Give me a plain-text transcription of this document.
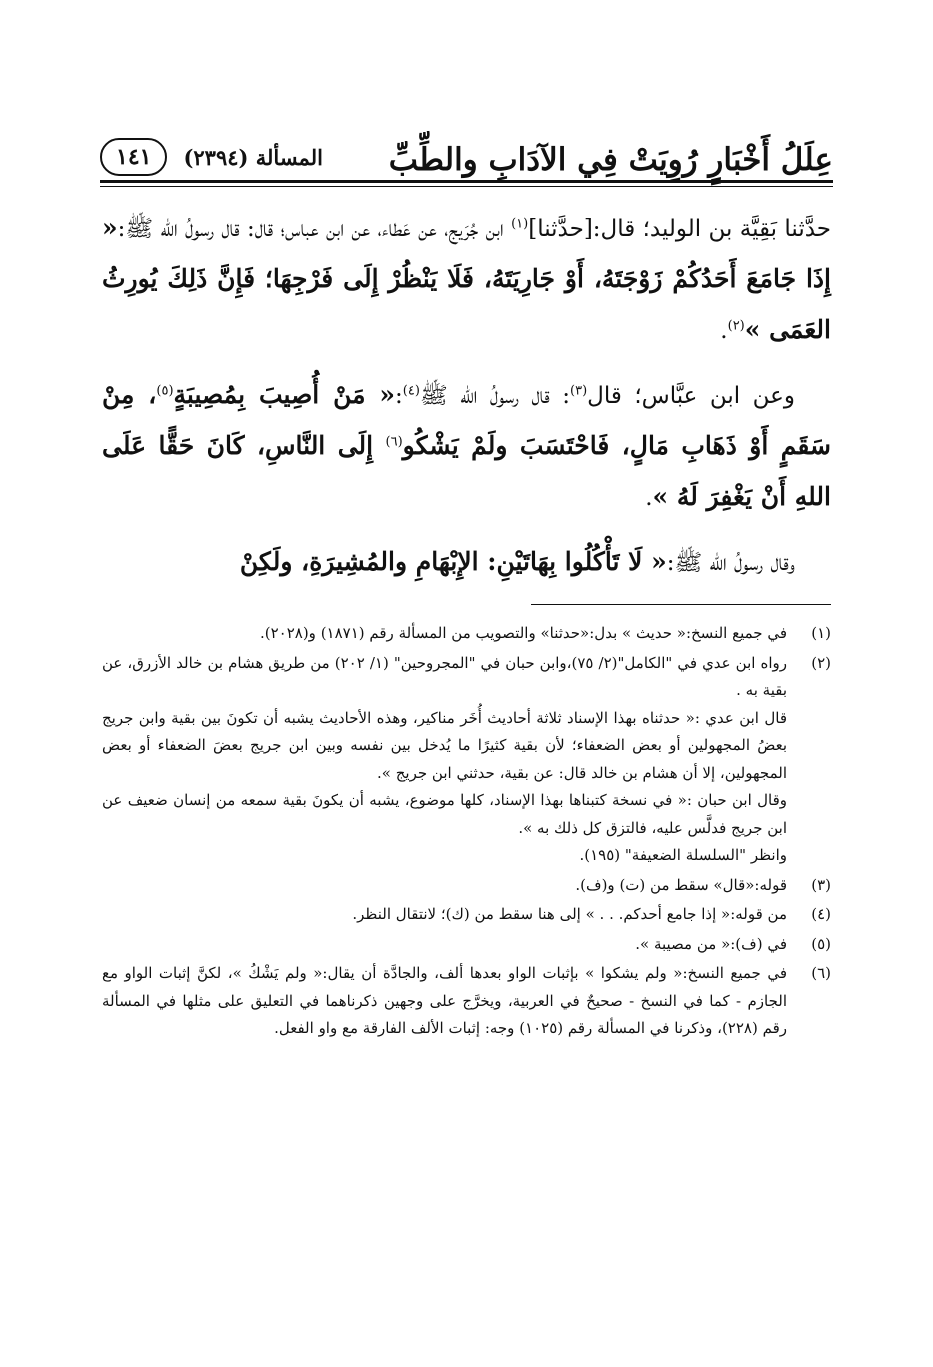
عِلَلُ أَخْبَارٍ رُوِيَتْ فِي الآدَابِ والطِّبِّ
المسألة (٢٣٩٤)
١٤١

حدَّثنا بَقِيَّة بن الوليد؛ قال:[حدَّثنا]$^{(١)}$ ابن جُرَيج، عن عَطاء، عن ابن عباس؛ قال: قال رسولُ الله ﷺ:« إِذَا جَامَعَ أَحَدُكُمْ زَوْجَتَهُ، أَوْ جَارِيَتَهُ، فَلَا يَنْظُرْ إِلَى فَرْجِهَا؛ فَإِنَّ ذَلِكَ يُورِثُ العَمَى »$^{(٢)}$.

وعن ابن عبَّاس؛ قال$^{(٣)}$: قال رسولُ الله ﷺ$^{(٤)}$:« مَنْ أُصِيبَ بِمُصِيبَةٍ$^{(٥)}$، مِنْ سَقَمٍ أَوْ ذَهَابِ مَالٍ، فَاحْتَسَبَ ولَمْ يَشْكُو$^{(٦)}$ إِلَى النَّاسِ، كَانَ حَقًّا عَلَى اللهِ أَنْ يَغْفِرَ لَهُ ».

وقال رسولُ الله ﷺ:« لَا تَأْكُلُوا بِهَاتَيْنِ: الإِبْهَامِ والمُشِيرَةِ، ولَكِنْ

(١)

في جميع النسخ:« حديث » بدل:«حدثنا» والتصويب من المسألة رقم (١٨٧١) و(٢٠٢٨).

(٢)

رواه ابن عدي في "الكامل"(٢/ ٧٥)،وابن حبان في "المجروحين" (١/ ٢٠٢) من طريق هشام بن خالد الأزرق، عن بقية به .

قال ابن عدي :« حدثناه بهذا الإسناد ثلاثة أحاديث أُخَر مناكير، وهذه الأحاديث يشبه أن تكونَ بين بقية وابن جريج بعضُ المجهولين أو بعض الضعفاء؛ لأن بقية كثيرًا ما يُدخل بين نفسه وبين ابن جريج بعضَ الضعفاء أو بعض المجهولين، إلا أن هشام بن خالد قال: عن بقية، حدثني ابن جريج ».

وقال ابن حبان :« في نسخة كتبناها بهذا الإسناد، كلها موضوع، يشبه أن يكونَ بقية سمعه من إنسان ضعيف عن ابن جريج فدلَّس عليه، فالتزق كل ذلك به ».

وانظر "السلسلة الضعيفة" (١٩٥).

(٣)

قوله:«قال» سقط من (ت) و(ف).

(٤)

من قوله:« إذا جامع أحدكم. . . » إلى هنا سقط من (ك)؛ لانتقال النظر.

(٥)

في (ف):« من مصيبة ».

(٦)

في جميع النسخ:« ولم يشكوا » بإثبات الواو بعدها ألف، والجادَّة أن يقال:« ولم يَشْكُ »، لكنَّ إثبات الواو مع الجازم - كما في النسخ - صحيحٌ في العربية، ويخرَّج على وجهين ذكرناهما في التعليق على مثلها في المسألة رقم (٢٢٨)، وذكرنا في المسألة رقم (١٠٢٥) وجه: إثبات الألف الفارقة مع واو الفعل.
